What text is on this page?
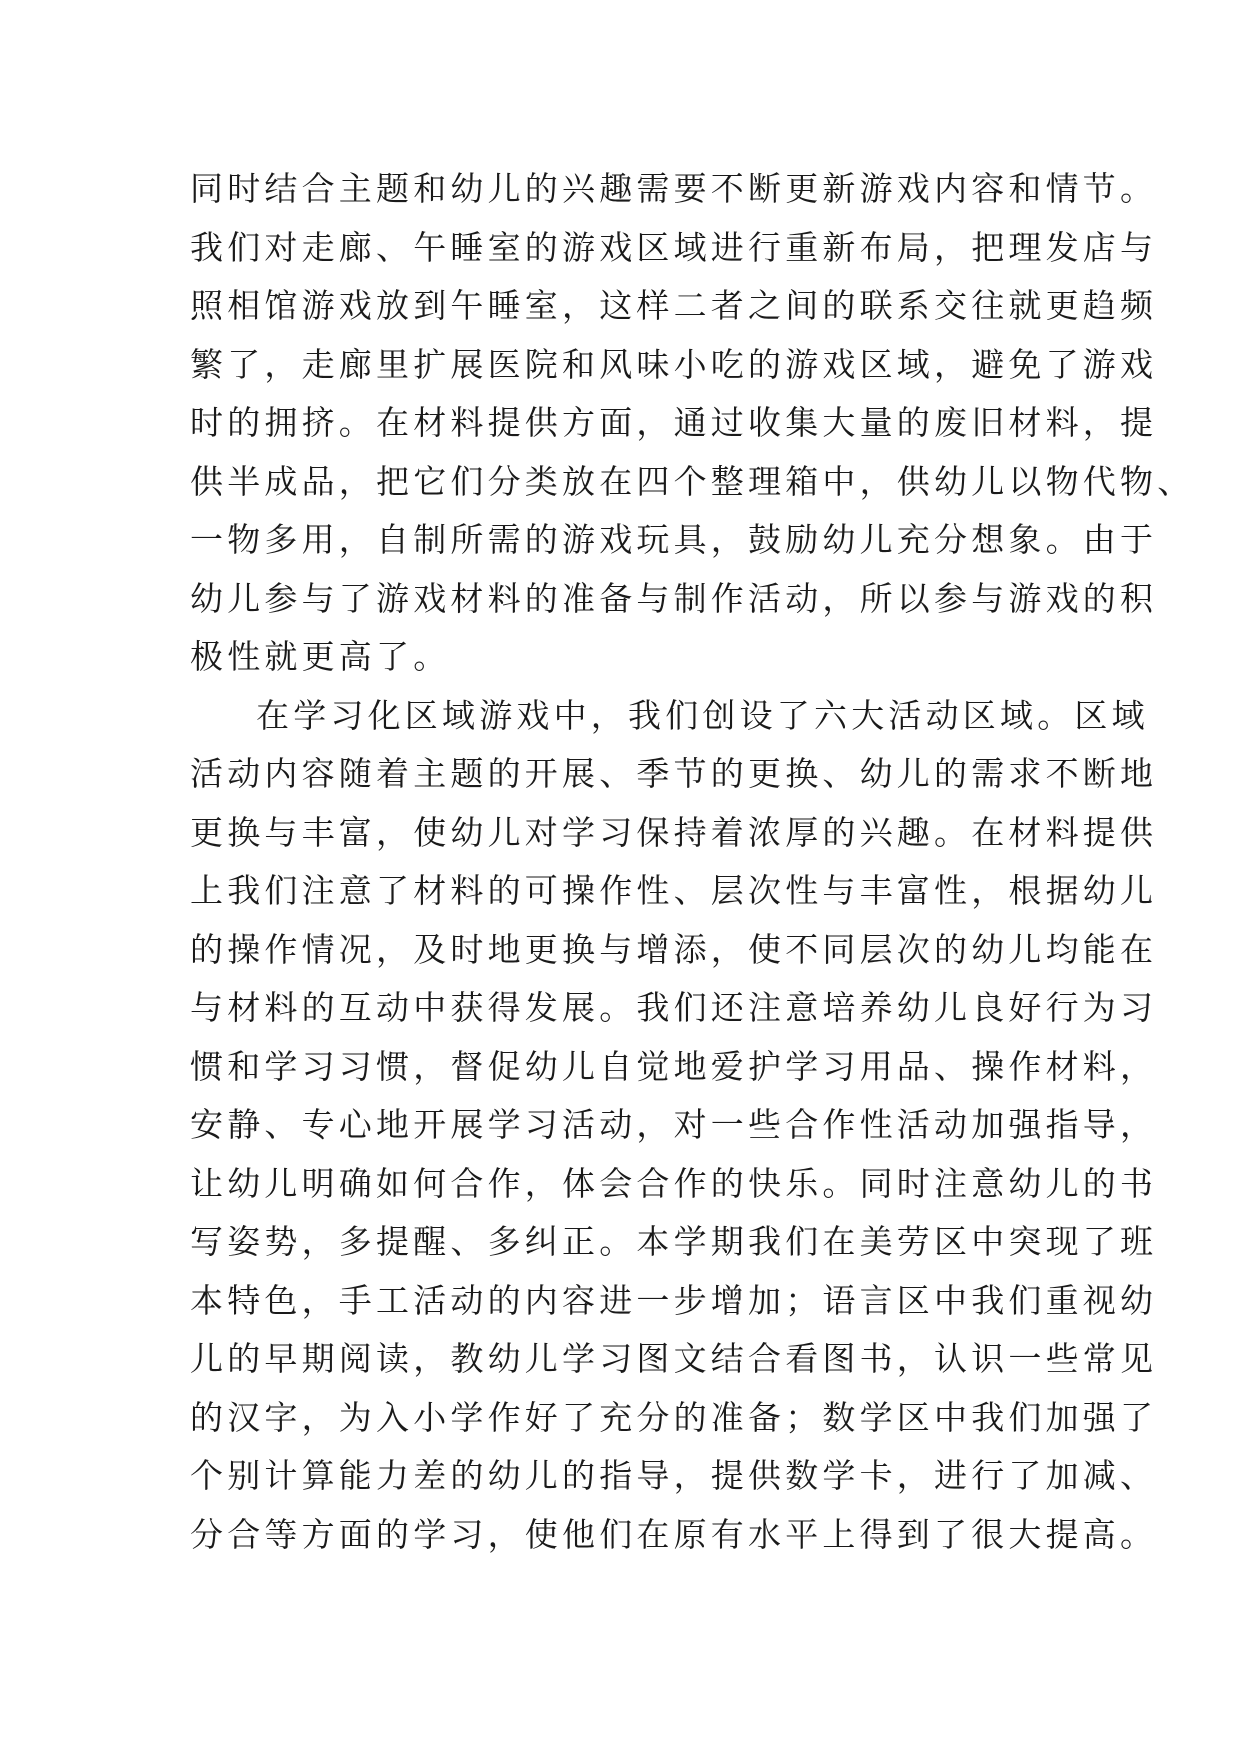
同时结合主题和幼儿的兴趣需要不断更新游戏内容和情节。
我们对走廊、午睡室的游戏区域进行重新布局，把理发店与
照相馆游戏放到午睡室，这样二者之间的联系交往就更趋频
繁了，走廊里扩展医院和风味小吃的游戏区域，避免了游戏
时的拥挤。在材料提供方面，通过收集大量的废旧材料，提
供半成品，把它们分类放在四个整理箱中，供幼儿以物代物、
一物多用，自制所需的游戏玩具，鼓励幼儿充分想象。由于
幼儿参与了游戏材料的准备与制作活动，所以参与游戏的积
极性就更高了。
在学习化区域游戏中，我们创设了六大活动区域。区域
活动内容随着主题的开展、季节的更换、幼儿的需求不断地
更换与丰富，使幼儿对学习保持着浓厚的兴趣。在材料提供
上我们注意了材料的可操作性、层次性与丰富性，根据幼儿
的操作情况，及时地更换与增添，使不同层次的幼儿均能在
与材料的互动中获得发展。我们还注意培养幼儿良好行为习
惯和学习习惯，督促幼儿自觉地爱护学习用品、操作材料，
安静、专心地开展学习活动，对一些合作性活动加强指导，
让幼儿明确如何合作，体会合作的快乐。同时注意幼儿的书
写姿势，多提醒、多纠正。本学期我们在美劳区中突现了班
本特色，手工活动的内容进一步增加；语言区中我们重视幼
儿的早期阅读，教幼儿学习图文结合看图书，认识一些常见
的汉字，为入小学作好了充分的准备；数学区中我们加强了
个别计算能力差的幼儿的指导，提供数学卡，进行了加减、
分合等方面的学习，使他们在原有水平上得到了很大提高。
